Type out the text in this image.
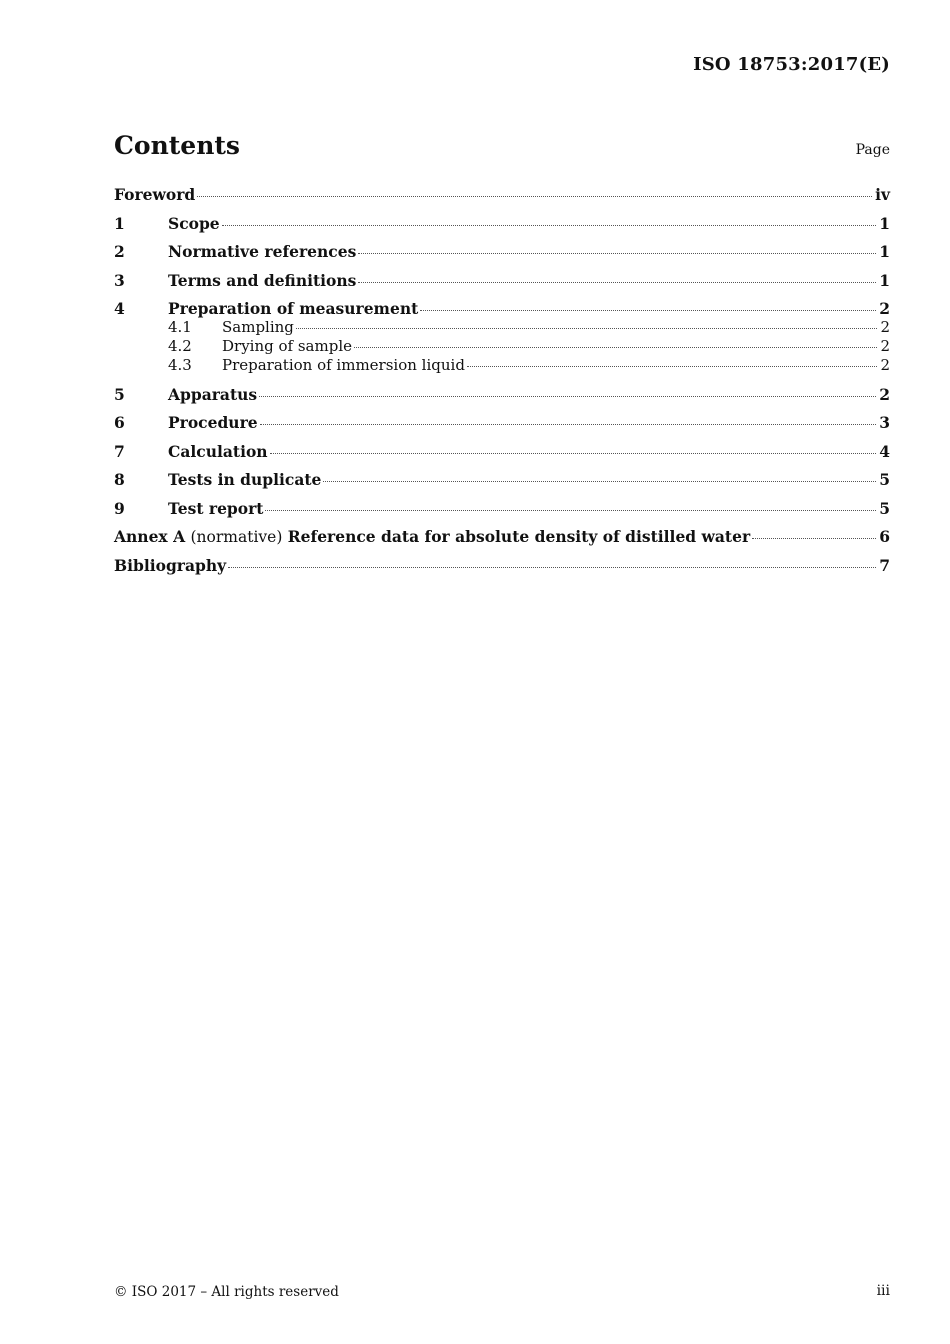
ISO 18753:2017(E)
Contents	Page
Foreword	iv
1	Scope	1
2	Normative references	1
3	Terms and definitions	1
4	Preparation of measurement	2
4.1	Sampling	2
4.2	Drying of sample	2
4.3	Preparation of immersion liquid	2
5	Apparatus	2
6	Procedure	3
7	Calculation	4
8	Tests in duplicate	5
9	Test report	5
Annex A (normative) Reference data for absolute density of distilled water	6
Bibliography	7
© ISO 2017 – All rights reserved	iii
